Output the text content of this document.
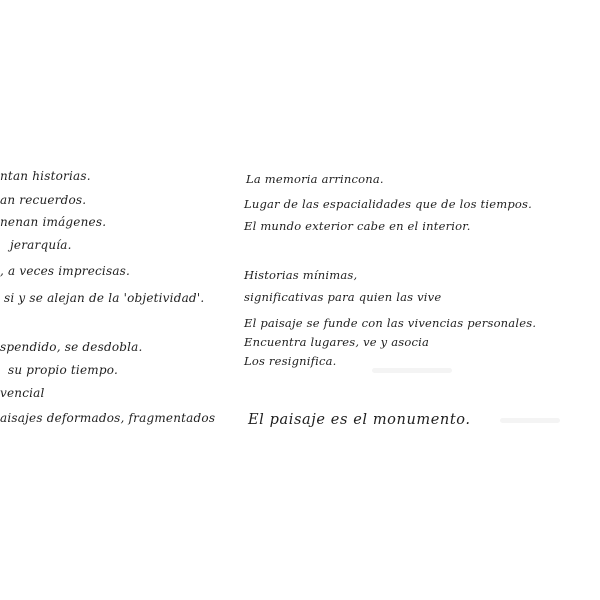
ntan historias.

an recuerdos.

nenan imágenes.

jerarquía.

, a veces imprecisas.

si y se alejan de la 'objetividad'.

spendido, se desdobla.

su propio tiempo.

vencial

aisajes deformados, fragmentados

La memoria arrincona.

Lugar de las espacialidades que de los tiempos.

El mundo exterior cabe en el interior.

Historias mínimas,

significativas para quien las vive

El paisaje se funde con las vivencias personales.

Encuentra lugares, ve y asocia

Los resignifica.

El paisaje es el monumento.
